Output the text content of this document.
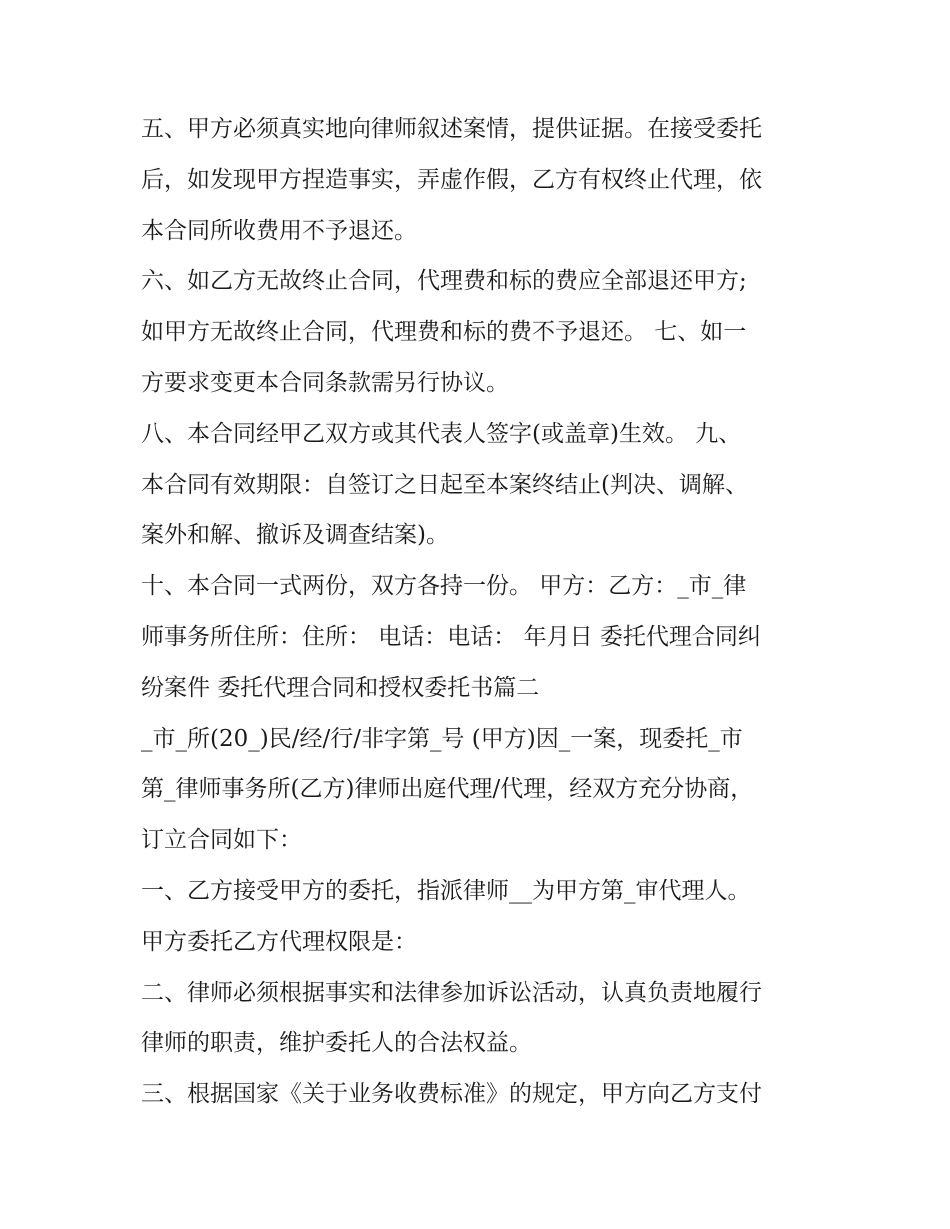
五、甲方必须真实地向律师叙述案情，提供证据。在接受委托
后，如发现甲方捏造事实，弄虚作假，乙方有权终止代理，依
本合同所收费用不予退还。
六、如乙方无故终止合同，代理费和标的费应全部退还甲方;
如甲方无故终止合同，代理费和标的费不予退还。 七、如一
方要求变更本合同条款需另行协议。
八、本合同经甲乙双方或其代表人签字(或盖章)生效。 九、
本合同有效期限：自签订之日起至本案终结止(判决、调解、
案外和解、撤诉及调查结案)。
十、本合同一式两份，双方各持一份。 甲方：乙方：_市_律
师事务所住所：住所： 电话：电话： 年月日 委托代理合同纠
纷案件 委托代理合同和授权委托书篇二
_市_所(20_)民/经/行/非字第_号 (甲方)因_一案，现委托_市
第_律师事务所(乙方)律师出庭代理/代理，经双方充分协商，
订立合同如下：
一、乙方接受甲方的委托，指派律师__为甲方第_审代理人。
甲方委托乙方代理权限是：
二、律师必须根据事实和法律参加诉讼活动，认真负责地履行
律师的职责，维护委托人的合法权益。
三、根据国家《关于业务收费标准》的规定，甲方向乙方支付
